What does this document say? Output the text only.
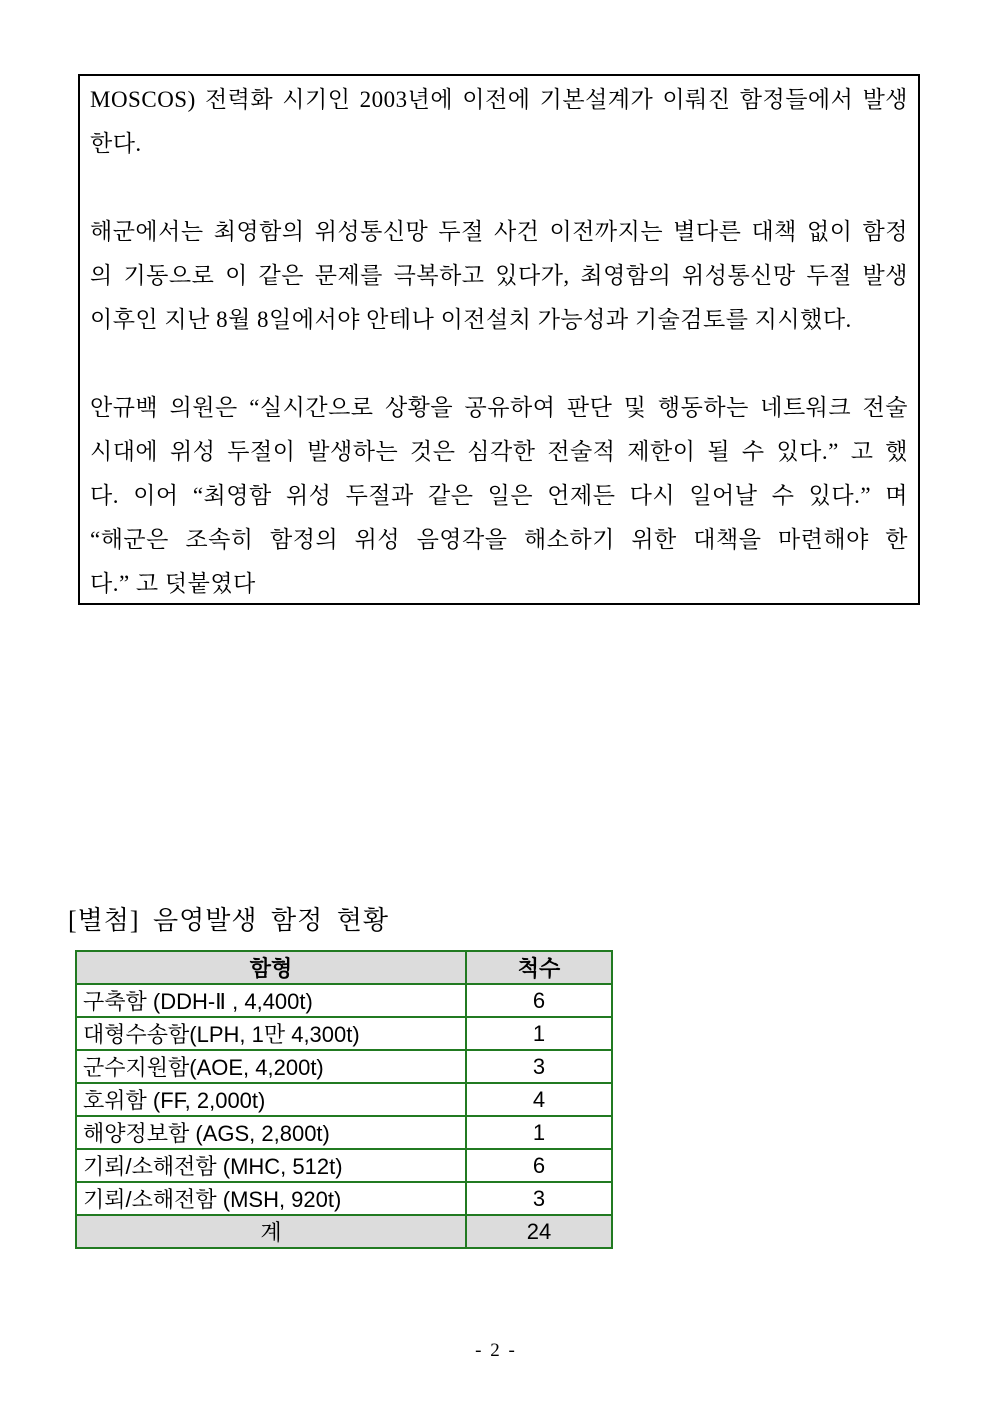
MOSCOS) 전력화 시기인 2003년에 이전에 기본설계가 이뤄진 함정들에서 발생
한다.
해군에서는 최영함의 위성통신망 두절 사건 이전까지는 별다른 대책 없이 함정
의 기동으로 이 같은 문제를 극복하고 있다가, 최영함의 위성통신망 두절 발생
이후인 지난 8월 8일에서야 안테나 이전설치 가능성과 기술검토를 지시했다.
안규백 의원은 “실시간으로 상황을 공유하여 판단 및 행동하는 네트워크 전술
시대에 위성 두절이 발생하는 것은 심각한 전술적 제한이 될 수 있다.” 고 했
다. 이어 “최영함 위성 두절과 같은 일은 언제든 다시 일어날 수 있다.” 며
“해군은 조속히 함정의 위성 음영각을 해소하기 위한 대책을 마련해야 한
다.” 고 덧붙였다
[별첨] 음영발생 함정 현황
함형	척수
구축함 (DDH-Ⅱ , 4,400t)	6
대형수송함(LPH, 1만 4,300t)	1
군수지원함(AOE, 4,200t)	3
호위함 (FF, 2,000t)	4
해양정보함 (AGS, 2,800t)	1
기뢰/소해전함 (MHC, 512t)	6
기뢰/소해전함 (MSH, 920t)	3
계	24
- 2 -
